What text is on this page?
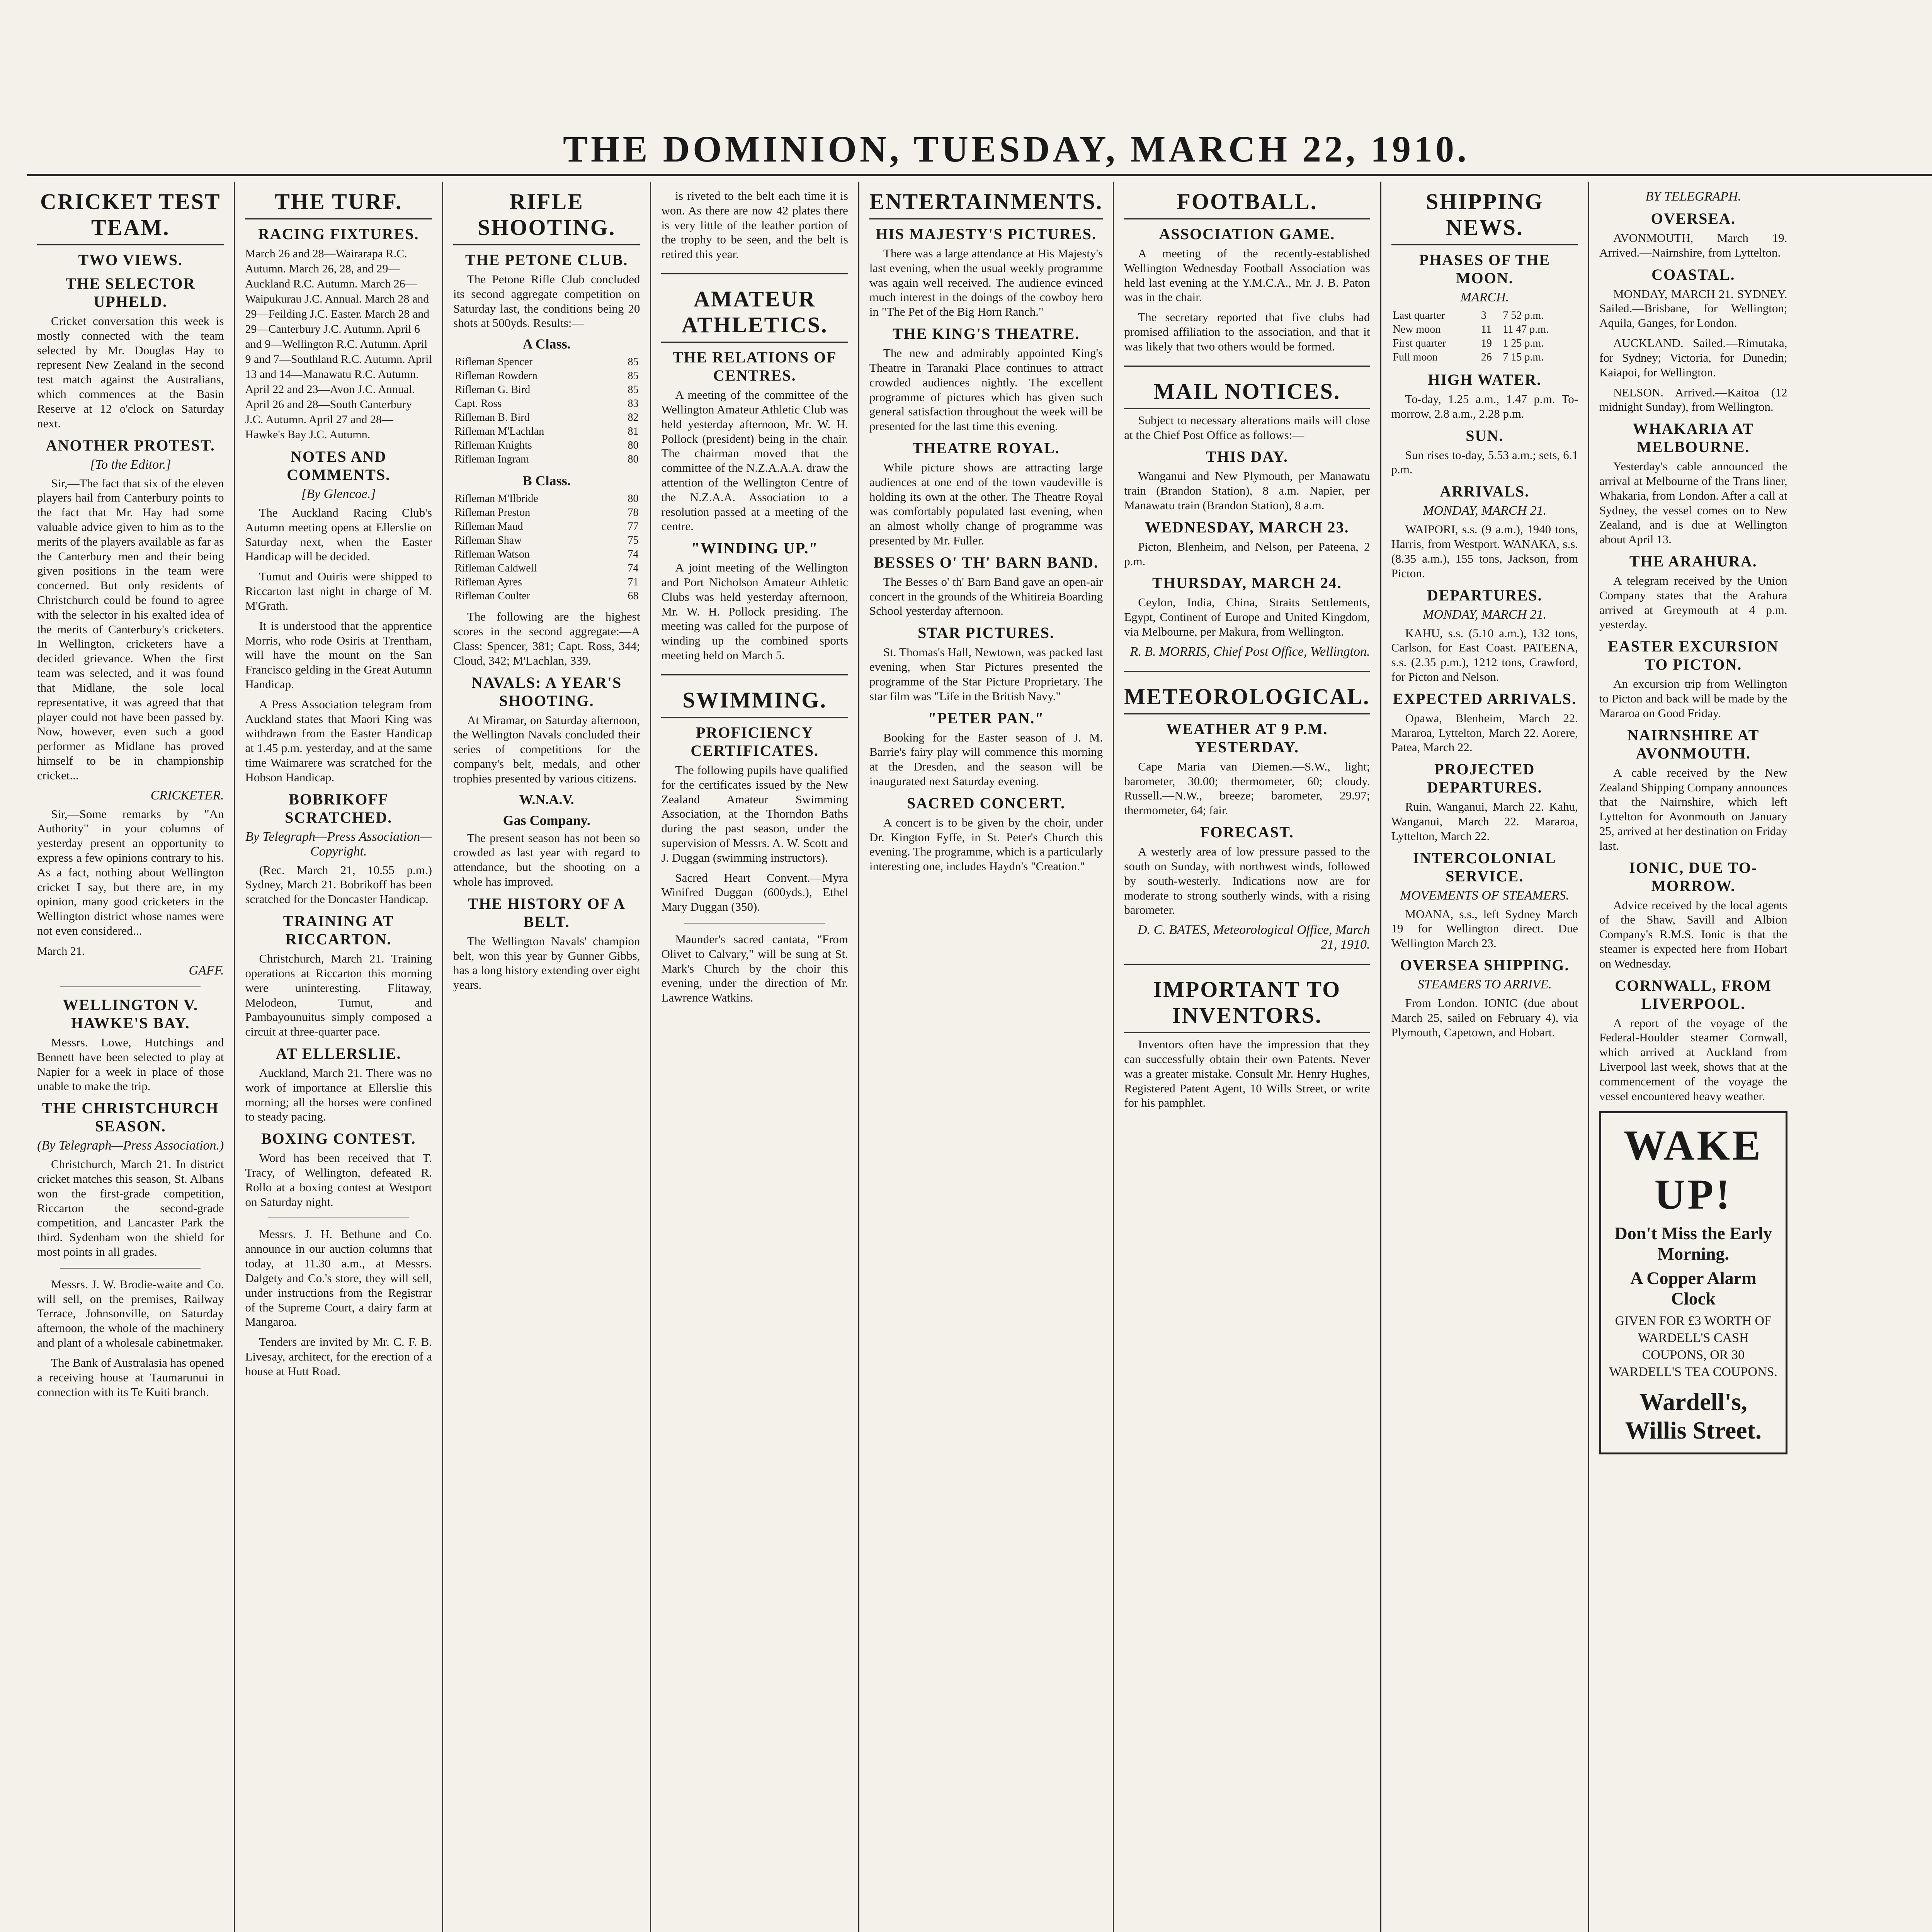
THE DOMINION, TUESDAY, MARCH 22, 1910.
CRICKET TEST TEAM.
TWO VIEWS.
THE SELECTOR UPHELD.

Cricket conversation this week is mostly connected with the team selected by Mr. Douglas Hay to represent New Zealand in the second test match against the Australians, which commences at the Basin Reserve at 12 o'clock on Saturday next.

ANOTHER PROTEST.
[To the Editor.]

Sir,—The fact that six of the eleven players hail from Canterbury points to the fact that Mr. Hay had some valuable advice given to him as to the merits of the players available as far as the Canterbury men and their being given positions in the team were concerned. But only residents of Christchurch could be found to agree with the selector in his exalted idea of the merits of Canterbury's cricketers. In Wellington, cricketers have a decided grievance. When the first team was selected, and it was found that Midlane, the sole local representative, it was agreed that that player could not have been passed by. Now, however, even such a good performer as Midlane has proved himself to be in championship cricket...

CRICKETER.

Sir,—Some remarks by "An Authority" in your columns of yesterday present an opportunity to express a few opinions contrary to his. As a fact, nothing about Wellington cricket I say, but there are, in my opinion, many good cricketers in the Wellington district whose names were not even considered...

March 21.
GAFF.
WELLINGTON V. HAWKE'S BAY.

Messrs. Lowe, Hutchings and Bennett have been selected to play at Napier for a week in place of those unable to make the trip.

THE CHRISTCHURCH SEASON.
(By Telegraph—Press Association.)

Christchurch, March 21. In district cricket matches this season, St. Albans won the first-grade competition, Riccarton the second-grade competition, and Lancaster Park the third. Sydenham won the shield for most points in all grades.

Messrs. J. W. Brodie-waite and Co. will sell, on the premises, Railway Terrace, Johnsonville, on Saturday afternoon, the whole of the machinery and plant of a wholesale cabinetmaker.

The Bank of Australasia has opened a receiving house at Taumarunui in connection with its Te Kuiti branch.

THE TURF.
RACING FIXTURES.

March 26 and 28—Wairarapa R.C. Autumn. March 26, 28, and 29—Auckland R.C. Autumn. March 26—Waipukurau J.C. Annual. March 28 and 29—Feilding J.C. Easter. March 28 and 29—Canterbury J.C. Autumn. April 6 and 9—Wellington R.C. Autumn. April 9 and 7—Southland R.C. Autumn. April 13 and 14—Manawatu R.C. Autumn. April 22 and 23—Avon J.C. Annual. April 26 and 28—South Canterbury J.C. Autumn. April 27 and 28—Hawke's Bay J.C. Autumn.

NOTES AND COMMENTS.
[By Glencoe.]

The Auckland Racing Club's Autumn meeting opens at Ellerslie on Saturday next, when the Easter Handicap will be decided.

Tumut and Ouiris were shipped to Riccarton last night in charge of M. M'Grath.

It is understood that the apprentice Morris, who rode Osiris at Trentham, will have the mount on the San Francisco gelding in the Great Autumn Handicap.

A Press Association telegram from Auckland states that Maori King was withdrawn from the Easter Handicap at 1.45 p.m. yesterday, and at the same time Waimarere was scratched for the Hobson Handicap.

BOBRIKOFF SCRATCHED.
By Telegraph—Press Association—Copyright.

(Rec. March 21, 10.55 p.m.) Sydney, March 21. Bobrikoff has been scratched for the Doncaster Handicap.

TRAINING AT RICCARTON.

Christchurch, March 21. Training operations at Riccarton this morning were uninteresting. Flitaway, Melodeon, Tumut, and Pambayounuitus simply composed a circuit at three-quarter pace.

AT ELLERSLIE.

Auckland, March 21. There was no work of importance at Ellerslie this morning; all the horses were confined to steady pacing.

BOXING CONTEST.

Word has been received that T. Tracy, of Wellington, defeated R. Rollo at a boxing contest at Westport on Saturday night.

Messrs. J. H. Bethune and Co. announce in our auction columns that today, at 11.30 a.m., at Messrs. Dalgety and Co.'s store, they will sell, under instructions from the Registrar of the Supreme Court, a dairy farm at Mangaroa.

Tenders are invited by Mr. C. F. B. Livesay, architect, for the erection of a house at Hutt Road.

RIFLE SHOOTING.
THE PETONE CLUB.

The Petone Rifle Club concluded its second aggregate competition on Saturday last, the conditions being 20 shots at 500yds. Results:—

A Class.
Rifleman Spencer	85
Rifleman Rowdern	85
Rifleman G. Bird	85
Capt. Ross	83
Rifleman B. Bird	82
Rifleman M'Lachlan	81
Rifleman Knights	80
Rifleman Ingram	80
B Class.
Rifleman M'Ilbride	80
Rifleman Preston	78
Rifleman Maud	77
Rifleman Shaw	75
Rifleman Watson	74
Rifleman Caldwell	74
Rifleman Ayres	71
Rifleman Coulter	68

The following are the highest scores in the second aggregate:—A Class: Spencer, 381; Capt. Ross, 344; Cloud, 342; M'Lachlan, 339.

NAVALS: A YEAR'S SHOOTING.

At Miramar, on Saturday afternoon, the Wellington Navals concluded their series of competitions for the company's belt, medals, and other trophies presented by various citizens.

W.N.A.V.
Gas Company.

The present season has not been so crowded as last year with regard to attendance, but the shooting on a whole has improved.

THE HISTORY OF A BELT.

The Wellington Navals' champion belt, won this year by Gunner Gibbs, has a long history extending over eight years.

is riveted to the belt each time it is won. As there are now 42 plates there is very little of the leather portion of the trophy to be seen, and the belt is retired this year.

AMATEUR ATHLETICS.
THE RELATIONS OF CENTRES.

A meeting of the committee of the Wellington Amateur Athletic Club was held yesterday afternoon, Mr. W. H. Pollock (president) being in the chair. The chairman moved that the committee of the N.Z.A.A.A. draw the attention of the Wellington Centre of the N.Z.A.A. Association to a resolution passed at a meeting of the centre.

"WINDING UP."

A joint meeting of the Wellington and Port Nicholson Amateur Athletic Clubs was held yesterday afternoon, Mr. W. H. Pollock presiding. The meeting was called for the purpose of winding up the combined sports meeting held on March 5.

SWIMMING.
PROFICIENCY CERTIFICATES.

The following pupils have qualified for the certificates issued by the New Zealand Amateur Swimming Association, at the Thorndon Baths during the past season, under the supervision of Messrs. A. W. Scott and J. Duggan (swimming instructors).

Sacred Heart Convent.—Myra Winifred Duggan (600yds.), Ethel Mary Duggan (350).

Maunder's sacred cantata, "From Olivet to Calvary," will be sung at St. Mark's Church by the choir this evening, under the direction of Mr. Lawrence Watkins.

ENTERTAINMENTS.
HIS MAJESTY'S PICTURES.

There was a large attendance at His Majesty's last evening, when the usual weekly programme was again well received. The audience evinced much interest in the doings of the cowboy hero in "The Pet of the Big Horn Ranch."

THE KING'S THEATRE.

The new and admirably appointed King's Theatre in Taranaki Place continues to attract crowded audiences nightly. The excellent programme of pictures which has given such general satisfaction throughout the week will be presented for the last time this evening.

THEATRE ROYAL.

While picture shows are attracting large audiences at one end of the town vaudeville is holding its own at the other. The Theatre Royal was comfortably populated last evening, when an almost wholly change of programme was presented by Mr. Fuller.

BESSES O' TH' BARN BAND.

The Besses o' th' Barn Band gave an open-air concert in the grounds of the Whitireia Boarding School yesterday afternoon.

STAR PICTURES.

St. Thomas's Hall, Newtown, was packed last evening, when Star Pictures presented the programme of the Star Picture Proprietary. The star film was "Life in the British Navy."

"PETER PAN."

Booking for the Easter season of J. M. Barrie's fairy play will commence this morning at the Dresden, and the season will be inaugurated next Saturday evening.

SACRED CONCERT.

A concert is to be given by the choir, under Dr. Kington Fyffe, in St. Peter's Church this evening. The programme, which is a particularly interesting one, includes Haydn's "Creation."

FOOTBALL.
ASSOCIATION GAME.

A meeting of the recently-established Wellington Wednesday Football Association was held last evening at the Y.M.C.A., Mr. J. B. Paton was in the chair.

The secretary reported that five clubs had promised affiliation to the association, and that it was likely that two others would be formed.

MAIL NOTICES.

Subject to necessary alterations mails will close at the Chief Post Office as follows:—

THIS DAY.

Wanganui and New Plymouth, per Manawatu train (Brandon Station), 8 a.m. Napier, per Manawatu train (Brandon Station), 8 a.m.

WEDNESDAY, MARCH 23.

Picton, Blenheim, and Nelson, per Pateena, 2 p.m.

THURSDAY, MARCH 24.

Ceylon, India, China, Straits Settlements, Egypt, Continent of Europe and United Kingdom, via Melbourne, per Makura, from Wellington.

R. B. MORRIS, Chief Post Office, Wellington.
METEOROLOGICAL.
WEATHER AT 9 P.M. YESTERDAY.

Cape Maria van Diemen.—S.W., light; barometer, 30.00; thermometer, 60; cloudy. Russell.—N.W., breeze; barometer, 29.97; thermometer, 64; fair.

FORECAST.

A westerly area of low pressure passed to the south on Sunday, with northwest winds, followed by south-westerly. Indications now are for moderate to strong southerly winds, with a rising barometer.

D. C. BATES, Meteorological Office, March 21, 1910.
IMPORTANT TO INVENTORS.

Inventors often have the impression that they can successfully obtain their own Patents. Never was a greater mistake. Consult Mr. Henry Hughes, Registered Patent Agent, 10 Wills Street, or write for his pamphlet.

SHIPPING NEWS.
PHASES OF THE MOON.
MARCH.
Last quarter	3	7 52 p.m.
New moon	11	11 47 p.m.
First quarter	19	1 25 p.m.
Full moon	26	7 15 p.m.
HIGH WATER.

To-day, 1.25 a.m., 1.47 p.m. To-morrow, 2.8 a.m., 2.28 p.m.

SUN.

Sun rises to-day, 5.53 a.m.; sets, 6.1 p.m.

ARRIVALS.
MONDAY, MARCH 21.

WAIPORI, s.s. (9 a.m.), 1940 tons, Harris, from Westport. WANAKA, s.s. (8.35 a.m.), 155 tons, Jackson, from Picton.

DEPARTURES.
MONDAY, MARCH 21.

KAHU, s.s. (5.10 a.m.), 132 tons, Carlson, for East Coast. PATEENA, s.s. (2.35 p.m.), 1212 tons, Crawford, for Picton and Nelson.

EXPECTED ARRIVALS.

Opawa, Blenheim, March 22. Mararoa, Lyttelton, March 22. Aorere, Patea, March 22.

PROJECTED DEPARTURES.

Ruin, Wanganui, March 22. Kahu, Wanganui, March 22. Mararoa, Lyttelton, March 22.

INTERCOLONIAL SERVICE.
MOVEMENTS OF STEAMERS.

MOANA, s.s., left Sydney March 19 for Wellington direct. Due Wellington March 23.

OVERSEA SHIPPING.
STEAMERS TO ARRIVE.

From London. IONIC (due about March 25, sailed on February 4), via Plymouth, Capetown, and Hobart.

BY TELEGRAPH.
OVERSEA.

AVONMOUTH, March 19. Arrived.—Nairnshire, from Lyttelton.

COASTAL.

MONDAY, MARCH 21. SYDNEY. Sailed.—Brisbane, for Wellington; Aquila, Ganges, for London.

AUCKLAND. Sailed.—Rimutaka, for Sydney; Victoria, for Dunedin; Kaiapoi, for Wellington.

NELSON. Arrived.—Kaitoa (12 midnight Sunday), from Wellington.

WHAKARIA AT MELBOURNE.

Yesterday's cable announced the arrival at Melbourne of the Trans liner, Whakaria, from London. After a call at Sydney, the vessel comes on to New Zealand, and is due at Wellington about April 13.

THE ARAHURA.

A telegram received by the Union Company states that the Arahura arrived at Greymouth at 4 p.m. yesterday.

EASTER EXCURSION TO PICTON.

An excursion trip from Wellington to Picton and back will be made by the Mararoa on Good Friday.

NAIRNSHIRE AT AVONMOUTH.

A cable received by the New Zealand Shipping Company announces that the Nairnshire, which left Lyttelton for Avonmouth on January 25, arrived at her destination on Friday last.

IONIC, DUE TO-MORROW.

Advice received by the local agents of the Shaw, Savill and Albion Company's R.M.S. Ionic is that the steamer is expected here from Hobart on Wednesday.

CORNWALL, FROM LIVERPOOL.

A report of the voyage of the Federal-Houlder steamer Cornwall, which arrived at Auckland from Liverpool last week, shows that at the commencement of the voyage the vessel encountered heavy weather.

WAKE UP!
Don't Miss the Early Morning.
A Copper Alarm Clock
GIVEN FOR £3 WORTH OF WARDELL'S CASH COUPONS, OR 30 WARDELL'S TEA COUPONS.
Wardell's, Willis Street.
